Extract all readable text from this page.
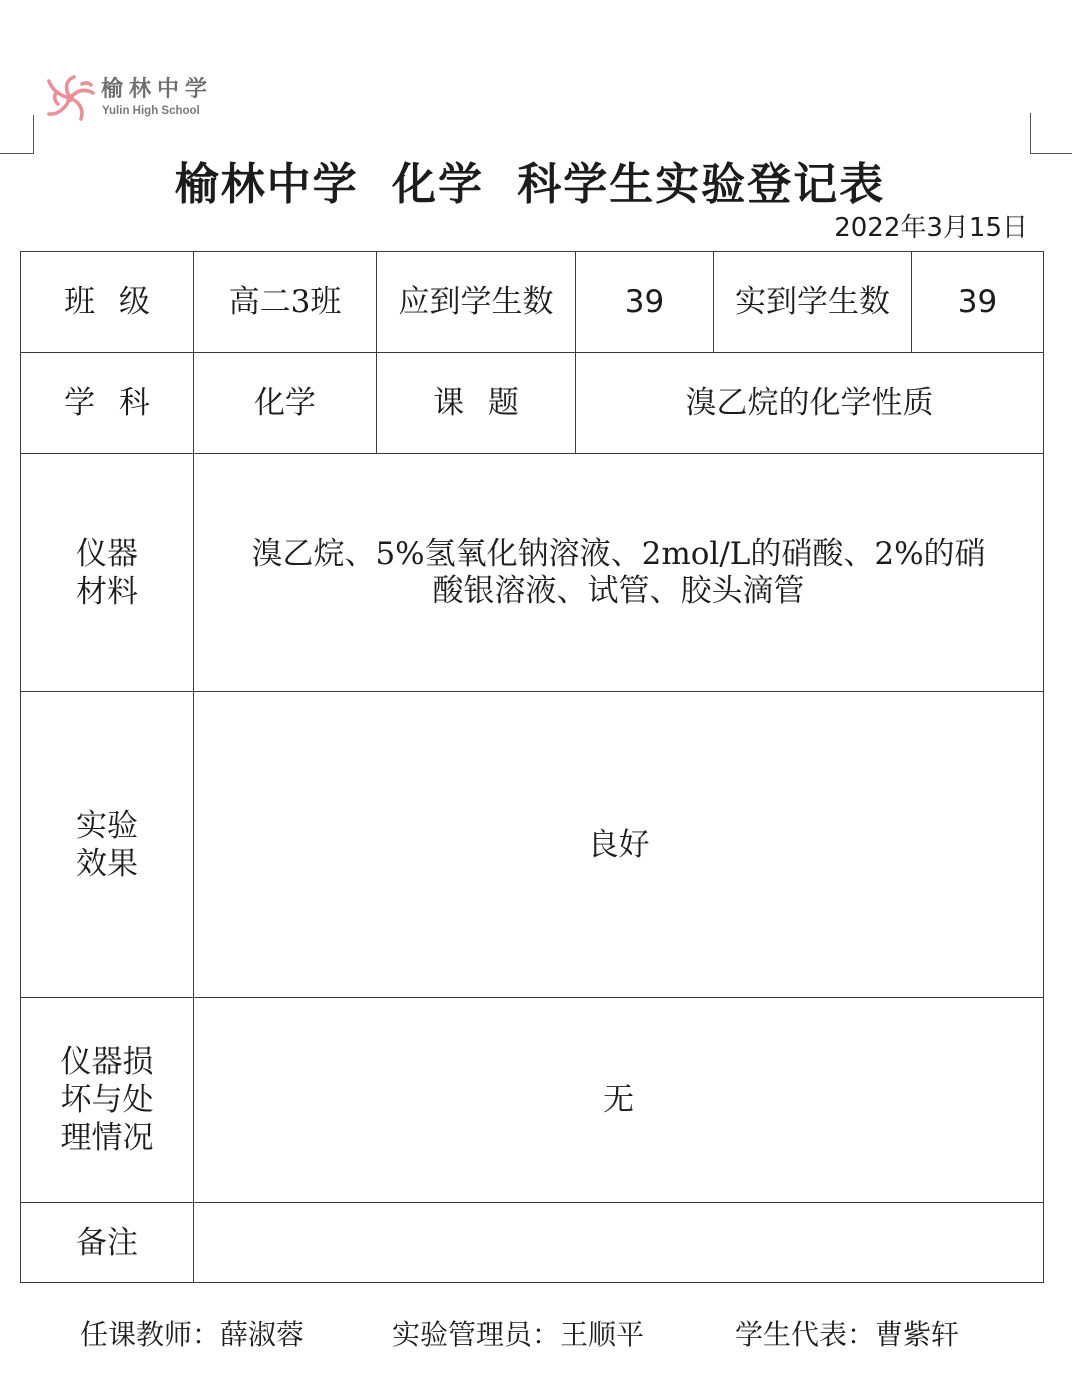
榆林中学
Yulin High School
榆林中学 化学 科学生实验登记表
2022年3月15日
班 级	高二3班	应到学生数	39	实到学生数	39
学 科	化学	课 题	溴乙烷的化学性质		

仪器
材料	溴乙烷、5%氢氧化钠溶液、2mol/L的硝酸、2%的硝
酸银溶液、试管、胶头滴管				

实验
效果	良好				

仪器损
坏与处
理情况	无				
备注					
任课教师：薛淑蓉	实验管理员：王顺平	学生代表：曹紫轩
